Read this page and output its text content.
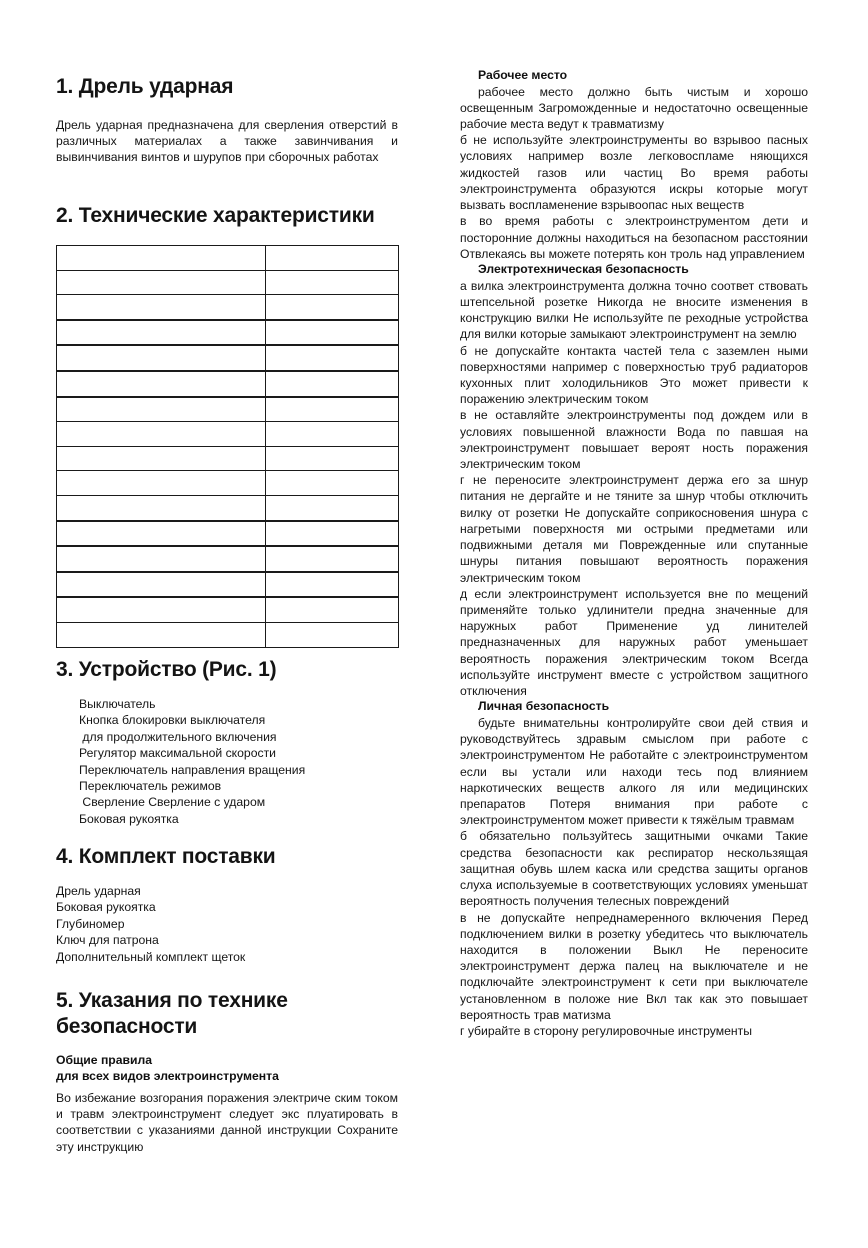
1. Дрель ударная

Дрель ударная предназначена для сверления отверстий в различных материалах а также завинчивания и вывинчивания винтов и шурупов при сборочных работах

2. Технические характеристики

3. Устройство (Рис. 1)
Выключатель
Кнопка блокировки выключателя
для продолжительного включения
Регулятор максимальной скорости
Переключатель направления вращения
Переключатель режимов
Сверление Сверление с ударом
Боковая рукоятка
4. Комплект поставки
Дрель ударная
Боковая рукоятка
Глубиномер
Ключ для патрона
Дополнительный комплект щеток
5. Указания по технике безопасности
Общие правила
для всех видов электроинструмента

Во избежание возгорания поражения электриче ским током и травм электроинструмент следует экс плуатировать в соответствии с указаниями данной инструкции Сохраните эту инструкцию

Рабочее место

рабочее место должно быть чистым и хорошо освещенным Загроможденные и недостаточно освещенные рабочие места ведут к травматизму

б не используйте электроинструменты во взрывоо пасных условиях например возле легковоспламе няющихся жидкостей газов или частиц Во время работы электроинструмента образуются искры которые могут вызвать воспламенение взрывоопас ных веществ

в во время работы с электроинструментом дети и посторонние должны находиться на безопасном расстоянии Отвлекаясь вы можете потерять кон троль над управлением

Электротехническая безопасность

а вилка электроинструмента должна точно соответ ствовать штепсельной розетке Никогда не вносите изменения в конструкцию вилки Не используйте пе реходные устройства для вилки которые замыкают электроинструмент на землю

б не допускайте контакта частей тела с заземлен ными поверхностями например с поверхностью труб радиаторов кухонных плит холодильников Это может привести к поражению электрическим током

в не оставляйте электроинструменты под дождем или в условиях повышенной влажности Вода по павшая на электроинструмент повышает вероят ность поражения электрическим током

г не переносите электроинструмент держа его за шнур питания не дергайте и не тяните за шнур чтобы отключить вилку от розетки Не допускайте соприкосновения шнура с нагретыми поверхностя ми острыми предметами или подвижными деталя ми Поврежденные или спутанные шнуры питания повышают вероятность поражения электрическим током

д если электроинструмент используется вне по мещений применяйте только удлинители предна значенные для наружных работ Применение уд линителей предназначенных для наружных работ уменьшает вероятность поражения электрическим током Всегда используйте инструмент вместе с устройством защитного отключения

Личная безопасность

будьте внимательны контролируйте свои дей ствия и руководствуйтесь здравым смыслом при работе с электроинструментом Не работайте с электроинструментом если вы устали или находи тесь под влиянием наркотических веществ алкого ля или медицинских препаратов Потеря внимания при работе с электроинструментом может привести к тяжёлым травмам

б обязательно пользуйтесь защитными очками Такие средства безопасности как респиратор нескользящая защитная обувь шлем каска или средства защиты органов слуха используемые в соответствующих условиях уменьшат вероятность получения телесных повреждений

в не допускайте непреднамеренного включения Перед подключением вилки в розетку убедитесь что выключатель находится в положении Выкл Не переносите электроинструмент держа палец на выключателе и не подключайте электроинструмент к сети при выключателе установленном в положе ние Вкл так как это повышает вероятность трав матизма

г убирайте в сторону регулировочные инструменты
